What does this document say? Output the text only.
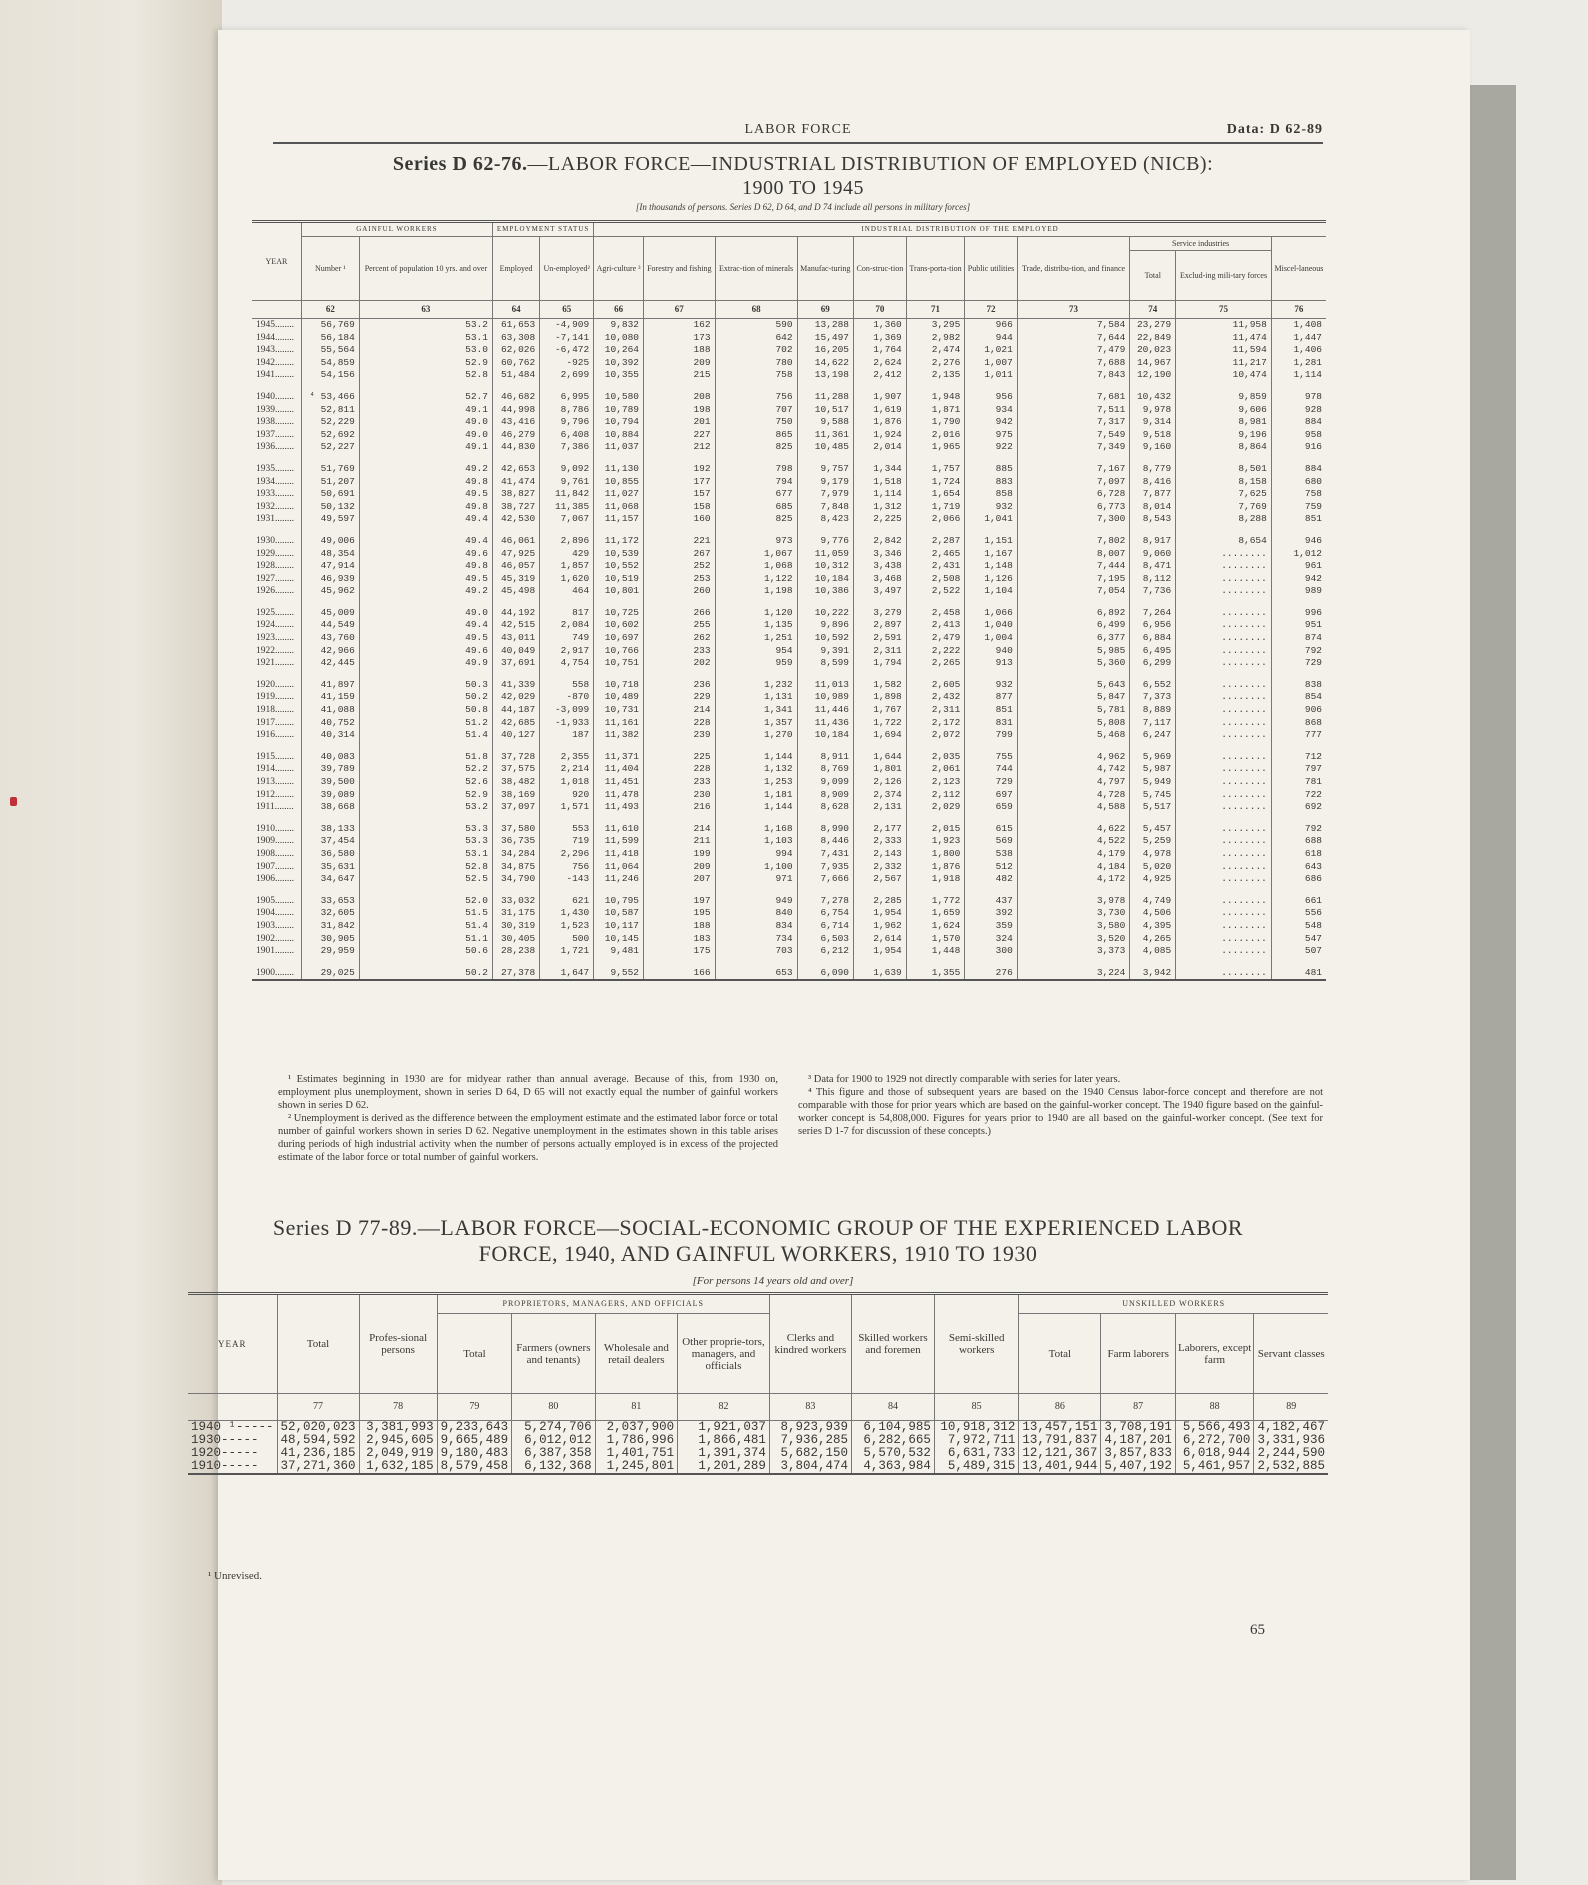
LABOR FORCE	Data: D 62-89
Series D 62-76.—LABOR FORCE—INDUSTRIAL DISTRIBUTION OF EMPLOYED (NICB):
1900 TO 1945
[In thousands of persons. Series D 62, D 64, and D 74 include all persons in military forces]
YEAR	GAINFUL WORKERS		EMPLOYMENT STATUS		INDUSTRIAL DISTRIBUTION OF THE EMPLOYED										
	Number ¹	Percent of population 10 yrs. and over	Employed	Un-employed²	Agri-culture ³	Forestry and fishing	Extrac-tion of minerals	Manufac-turing	Con-struc-tion	Trans-porta-tion	Public utilities	Trade, distribu-tion, and finance	Service industries		Miscel-laneous
													Total	Exclud-ing mili-tary forces	
	62	63	64	65	66	67	68	69	70	71	72	73	74	75	76
1945........	56,769	53.2	61,653	-4,909	9,832	162	590	13,288	1,360	3,295	966	7,584	23,279	11,958	1,408
1944........	56,184	53.1	63,308	-7,141	10,080	173	642	15,497	1,369	2,982	944	7,644	22,849	11,474	1,447
1943........	55,564	53.0	62,026	-6,472	10,264	188	702	16,205	1,764	2,474	1,021	7,479	20,023	11,594	1,406
1942........	54,859	52.9	60,762	-925	10,392	209	780	14,622	2,624	2,276	1,007	7,688	14,967	11,217	1,281
1941........	54,156	52.8	51,484	2,699	10,355	215	758	13,198	2,412	2,135	1,011	7,843	12,190	10,474	1,114
1940........	⁴ 53,466	52.7	46,682	6,995	10,580	208	756	11,288	1,907	1,948	956	7,681	10,432	9,859	978
1939........	52,811	49.1	44,998	8,786	10,789	198	707	10,517	1,619	1,871	934	7,511	9,978	9,606	928
1938........	52,229	49.0	43,416	9,796	10,794	201	750	9,588	1,876	1,790	942	7,317	9,314	8,981	884
1937........	52,692	49.0	46,279	6,408	10,884	227	865	11,361	1,924	2,016	975	7,549	9,518	9,196	958
1936........	52,227	49.1	44,830	7,386	11,037	212	825	10,485	2,014	1,965	922	7,349	9,160	8,864	916
1935........	51,769	49.2	42,653	9,092	11,130	192	798	9,757	1,344	1,757	885	7,167	8,779	8,501	884
1934........	51,207	49.8	41,474	9,761	10,855	177	794	9,179	1,518	1,724	883	7,097	8,416	8,158	680
1933........	50,691	49.5	38,827	11,842	11,027	157	677	7,979	1,114	1,654	858	6,728	7,877	7,625	758
1932........	50,132	49.8	38,727	11,385	11,068	158	685	7,848	1,312	1,719	932	6,773	8,014	7,769	759
1931........	49,597	49.4	42,530	7,067	11,157	160	825	8,423	2,225	2,066	1,041	7,300	8,543	8,288	851
1930........	49,006	49.4	46,061	2,896	11,172	221	973	9,776	2,842	2,287	1,151	7,802	8,917	8,654	946
1929........	48,354	49.6	47,925	429	10,539	267	1,067	11,059	3,346	2,465	1,167	8,007	9,060	........	1,012
1928........	47,914	49.8	46,057	1,857	10,552	252	1,068	10,312	3,438	2,431	1,148	7,444	8,471	........	961
1927........	46,939	49.5	45,319	1,620	10,519	253	1,122	10,184	3,468	2,508	1,126	7,195	8,112	........	942
1926........	45,962	49.2	45,498	464	10,801	260	1,198	10,386	3,497	2,522	1,104	7,054	7,736	........	989
1925........	45,009	49.0	44,192	817	10,725	266	1,120	10,222	3,279	2,458	1,066	6,892	7,264	........	996
1924........	44,549	49.4	42,515	2,084	10,602	255	1,135	9,896	2,897	2,413	1,040	6,499	6,956	........	951
1923........	43,760	49.5	43,011	749	10,697	262	1,251	10,592	2,591	2,479	1,004	6,377	6,884	........	874
1922........	42,966	49.6	40,049	2,917	10,766	233	954	9,391	2,311	2,222	940	5,985	6,495	........	792
1921........	42,445	49.9	37,691	4,754	10,751	202	959	8,599	1,794	2,265	913	5,360	6,299	........	729
1920........	41,897	50.3	41,339	558	10,718	236	1,232	11,013	1,582	2,605	932	5,643	6,552	........	838
1919........	41,159	50.2	42,029	-870	10,489	229	1,131	10,989	1,898	2,432	877	5,847	7,373	........	854
1918........	41,088	50.8	44,187	-3,099	10,731	214	1,341	11,446	1,767	2,311	851	5,781	8,889	........	906
1917........	40,752	51.2	42,685	-1,933	11,161	228	1,357	11,436	1,722	2,172	831	5,808	7,117	........	868
1916........	40,314	51.4	40,127	187	11,382	239	1,270	10,184	1,694	2,072	799	5,468	6,247	........	777
1915........	40,083	51.8	37,728	2,355	11,371	225	1,144	8,911	1,644	2,035	755	4,962	5,969	........	712
1914........	39,789	52.2	37,575	2,214	11,404	228	1,132	8,769	1,801	2,061	744	4,742	5,987	........	797
1913........	39,500	52.6	38,482	1,018	11,451	233	1,253	9,099	2,126	2,123	729	4,797	5,949	........	781
1912........	39,089	52.9	38,169	920	11,478	230	1,181	8,909	2,374	2,112	697	4,728	5,745	........	722
1911........	38,668	53.2	37,097	1,571	11,493	216	1,144	8,628	2,131	2,029	659	4,588	5,517	........	692
1910........	38,133	53.3	37,580	553	11,610	214	1,168	8,990	2,177	2,015	615	4,622	5,457	........	792
1909........	37,454	53.3	36,735	719	11,599	211	1,103	8,446	2,333	1,923	569	4,522	5,259	........	688
1908........	36,580	53.1	34,284	2,296	11,418	199	994	7,431	2,143	1,800	538	4,179	4,978	........	618
1907........	35,631	52.8	34,875	756	11,064	209	1,100	7,935	2,332	1,876	512	4,184	5,020	........	643
1906........	34,647	52.5	34,790	-143	11,246	207	971	7,666	2,567	1,918	482	4,172	4,925	........	686
1905........	33,653	52.0	33,032	621	10,795	197	949	7,278	2,285	1,772	437	3,978	4,749	........	661
1904........	32,605	51.5	31,175	1,430	10,587	195	840	6,754	1,954	1,659	392	3,730	4,506	........	556
1903........	31,842	51.4	30,319	1,523	10,117	188	834	6,714	1,962	1,624	359	3,580	4,395	........	548
1902........	30,905	51.1	30,405	500	10,145	183	734	6,503	2,614	1,570	324	3,520	4,265	........	547
1901........	29,959	50.6	28,238	1,721	9,481	175	703	6,212	1,954	1,448	300	3,373	4,085	........	507
1900........	29,025	50.2	27,378	1,647	9,552	166	653	6,090	1,639	1,355	276	3,224	3,942	........	481

¹ Estimates beginning in 1930 are for midyear rather than annual average. Because of this, from 1930 on, employment plus unemployment, shown in series D 64, D 65 will not exactly equal the number of gainful workers shown in series D 62.

² Unemployment is derived as the difference between the employment estimate and the estimated labor force or total number of gainful workers shown in series D 62. Negative unemployment in the estimates shown in this table arises during periods of high industrial activity when the number of persons actually employed is in excess of the projected estimate of the labor force or total number of gainful workers.

³ Data for 1900 to 1929 not directly comparable with series for later years.

⁴ This figure and those of subsequent years are based on the 1940 Census labor-force concept and therefore are not comparable with those for prior years which are based on the gainful-worker concept. The 1940 figure based on the gainful-worker concept is 54,808,000. Figures for years prior to 1940 are all based on the gainful-worker concept. (See text for series D 1-7 for discussion of these concepts.)

Series D 77-89.—LABOR FORCE—SOCIAL-ECONOMIC GROUP OF THE EXPERIENCED LABOR
FORCE, 1940, AND GAINFUL WORKERS, 1910 TO 1930
[For persons 14 years old and over]
YEAR	Total	Profes-sional persons	PROPRIETORS, MANAGERS, AND OFFICIALS				Clerks and kindred workers	Skilled workers and foremen	Semi-skilled workers	UNSKILLED WORKERS			
			Total	Farmers (owners and tenants)	Wholesale and retail dealers	Other proprie-tors, managers, and officials				Total	Farm laborers	Laborers, except farm	Servant classes
	77	78	79	80	81	82	83	84	85	86	87	88	89
1940 ¹-----	52,020,023	3,381,993	9,233,643	5,274,706	2,037,900	1,921,037	8,923,939	6,104,985	10,918,312	13,457,151	3,708,191	5,566,493	4,182,467
1930-----	48,594,592	2,945,605	9,665,489	6,012,012	1,786,996	1,866,481	7,936,285	6,282,665	7,972,711	13,791,837	4,187,201	6,272,700	3,331,936
1920-----	41,236,185	2,049,919	9,180,483	6,387,358	1,401,751	1,391,374	5,682,150	5,570,532	6,631,733	12,121,367	3,857,833	6,018,944	2,244,590
1910-----	37,271,360	1,632,185	8,579,458	6,132,368	1,245,801	1,201,289	3,804,474	4,363,984	5,489,315	13,401,944	5,407,192	5,461,957	2,532,885
¹ Unrevised.
65
